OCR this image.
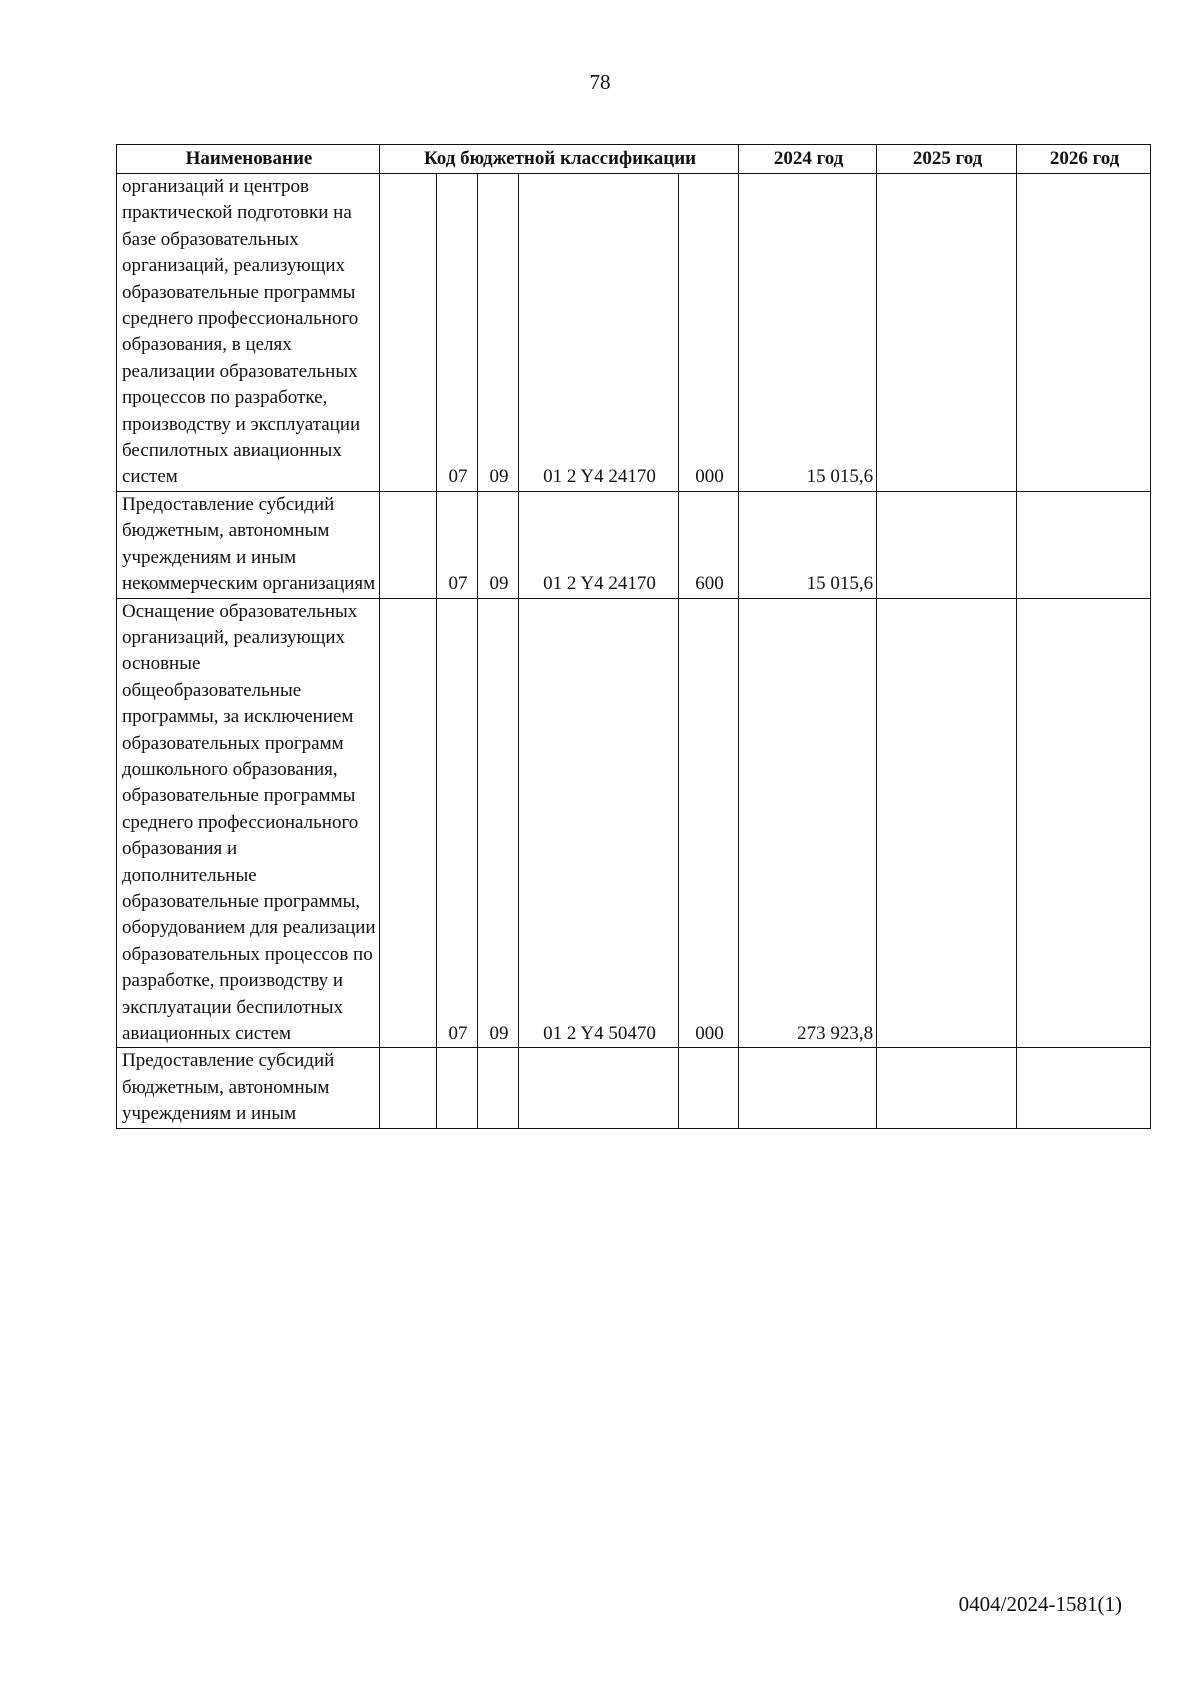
78
Наименование	Код бюджетной классификации					2024 год	2025 год	2026 год
организаций и центров практической подготовки на базе образовательных организаций, реализующих образовательные программы среднего профессионального образования, в целях реализации образовательных процессов по разработке, производству и эксплуатации беспилотных авиационных систем		07	09	01 2 Y4 24170	000	15 015,6		
Предоставление субсидий бюджетным, автономным учреждениям и иным некоммерческим организациям		07	09	01 2 Y4 24170	600	15 015,6		
Оснащение образовательных организаций, реализующих основные общеобразовательные программы, за исключением образовательных программ дошкольного образования, образовательные программы среднего профессионального образования и дополнительные образовательные программы, оборудованием для реализации образовательных процессов по разработке, производству и эксплуатации беспилотных авиационных систем		07	09	01 2 Y4 50470	000	273 923,8		
Предоставление субсидий бюджетным, автономным учреждениям и иным								
0404/2024-1581(1)
